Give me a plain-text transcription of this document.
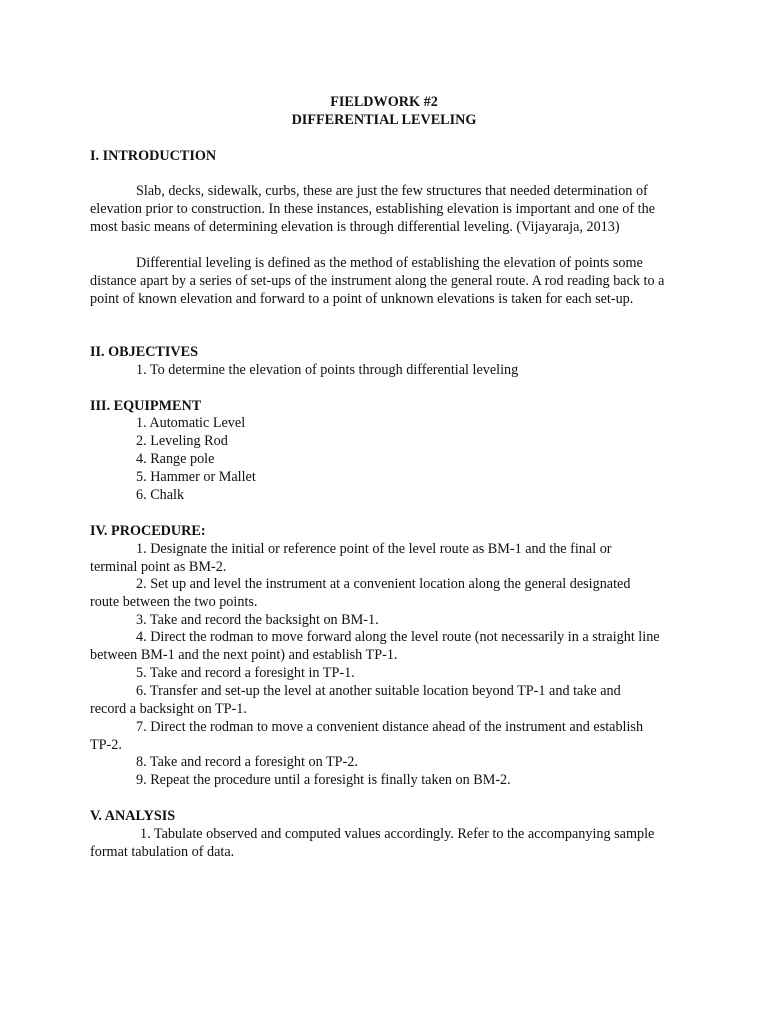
FIELDWORK #2
DIFFERENTIAL LEVELING
I. INTRODUCTION
Slab, decks, sidewalk, curbs, these are just the few structures that needed determination of elevation prior to construction. In these instances, establishing elevation is important and one of the most basic means of determining elevation is through differential leveling. (Vijayaraja, 2013)
Differential leveling is defined as the method of establishing the elevation of points some distance apart by a series of set-ups of the instrument along the general route. A rod reading back to a point of known elevation and forward to a point of unknown elevations is taken for each set-up.
II. OBJECTIVES
1. To determine the elevation of points through differential leveling
III. EQUIPMENT
1. Automatic Level
2. Leveling Rod
4. Range pole
5. Hammer or Mallet
6. Chalk
IV. PROCEDURE:
1. Designate the initial or reference point of the level route as BM-1 and the final or terminal point as BM-2.
2. Set up and level the instrument at a convenient location along the general designated route between the two points.
3. Take and record the backsight on BM-1.
4. Direct the rodman to move forward along the level route (not necessarily in a straight line between BM-1 and the next point) and establish TP-1.
5. Take and record a foresight in TP-1.
6. Transfer and set-up the level at another suitable location beyond TP-1 and take and record a backsight on TP-1.
7. Direct the rodman to move a convenient distance ahead of the instrument and establish TP-2.
8. Take and record a foresight on TP-2.
9. Repeat the procedure until a foresight is finally taken on BM-2.
V. ANALYSIS
1. Tabulate observed and computed values accordingly. Refer to the accompanying sample format tabulation of data.
